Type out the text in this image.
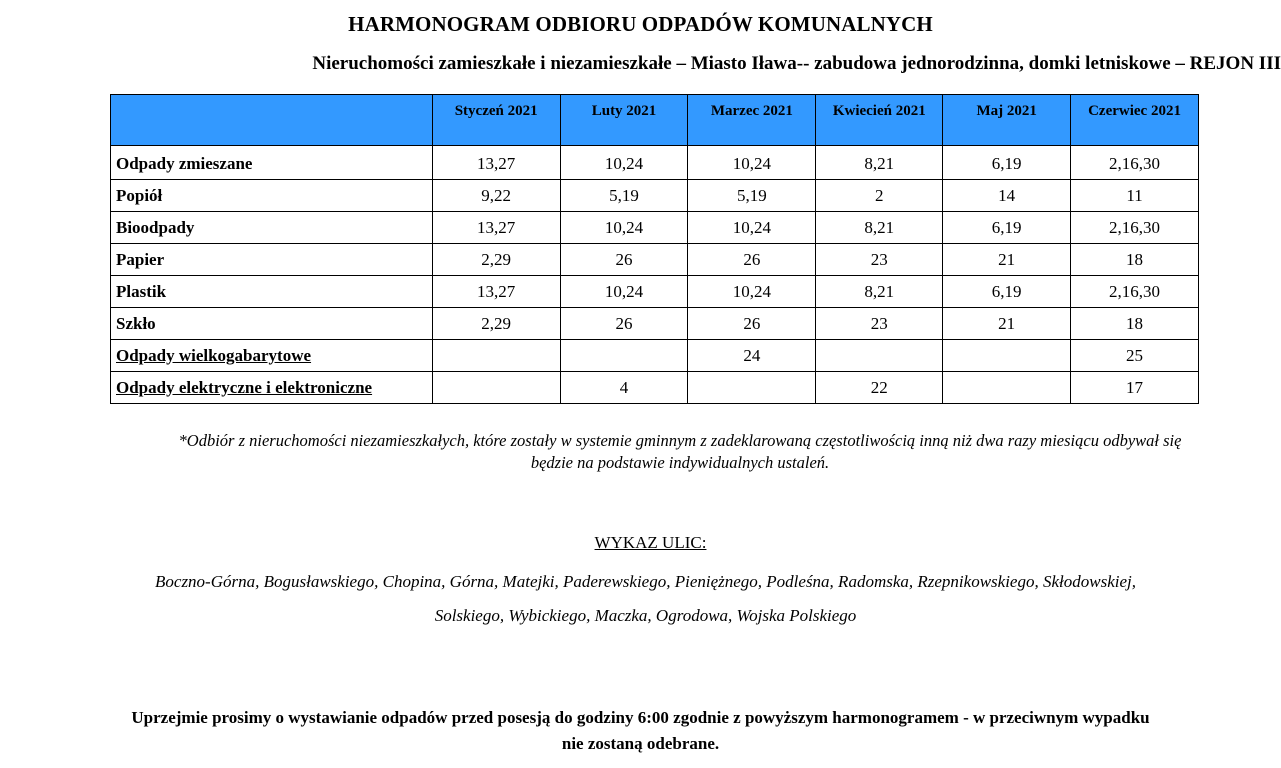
HARMONOGRAM ODBIORU ODPADÓW KOMUNALNYCH
Nieruchomości zamieszkałe i niezamieszkałe – Miasto Iława-- zabudowa jednorodzinna, domki letniskowe – REJON III
	Styczeń 2021	Luty 2021	Marzec 2021	Kwiecień 2021	Maj 2021	Czerwiec 2021
Odpady zmieszane	13,27	10,24	10,24	8,21	6,19	2,16,30
Popiół	9,22	5,19	5,19	2	14	11
Bioodpady	13,27	10,24	10,24	8,21	6,19	2,16,30
Papier	2,29	26	26	23	21	18
Plastik	13,27	10,24	10,24	8,21	6,19	2,16,30
Szkło	2,29	26	26	23	21	18
Odpady wielkogabarytowe			24			25
Odpady elektryczne i elektroniczne		4		22		17
*Odbiór z nieruchomości niezamieszkałych, które zostały w systemie gminnym z zadeklarowaną częstotliwością inną niż dwa razy miesiącu odbywał się
będzie na podstawie indywidualnych ustaleń.
WYKAZ ULIC:
Boczno-Górna, Bogusławskiego, Chopina, Górna, Matejki, Paderewskiego, Pieniężnego, Podleśna, Radomska, Rzepnikowskiego, Skłodowskiej,
Solskiego, Wybickiego, Maczka, Ogrodowa, Wojska Polskiego
Uprzejmie prosimy o wystawianie odpadów przed posesją do godziny 6:00 zgodnie z powyższym harmonogramem - w przeciwnym wypadku
nie zostaną odebrane.
